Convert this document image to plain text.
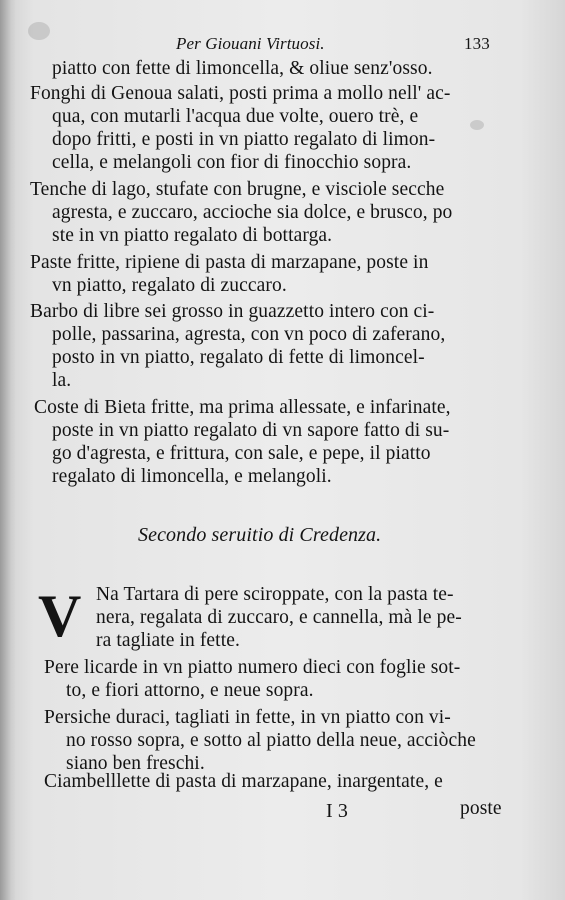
Per Giouani Virtuosi.	133
piatto con fette di limoncella, & oliue senz'osso.
Fonghi di Genoua salati, posti prima a mollo nell' ac-
qua, con mutarli l'acqua due volte, ouero trè, e
dopo fritti, e posti in vn piatto regalato di limon-
cella, e melangoli con fior di finocchio sopra.
Tenche di lago, stufate con brugne, e visciole secche
agresta, e zuccaro, accioche sia dolce, e brusco, po
ste in vn piatto regalato di bottarga.
Paste fritte, ripiene di pasta di marzapane, poste in
vn piatto, regalato di zuccaro.
Barbo di libre sei grosso in guazzetto intero con ci-
polle, passarina, agresta, con vn poco di zaferano,
posto in vn piatto, regalato di fette di limoncel-
la.
Coste di Bieta fritte, ma prima allessate, e infarinate,
poste in vn piatto regalato di vn sapore fatto di su-
go d'agresta, e frittura, con sale, e pepe, il piatto
regalato di limoncella, e melangoli.
Secondo seruitio di Credenza.
V Na Tartara di pere sciroppate, con la pasta te-
nera, regalata di zuccaro, e cannella, mà le pe-
ra tagliate in fette.
Pere licarde in vn piatto numero dieci con foglie sot-
to, e fiori attorno, e neue sopra.
Persiche duraci, tagliati in fette, in vn piatto con vi-
no rosso sopra, e sotto al piatto della neue, acciòche
siano ben freschi.
Ciambelllette di pasta di marzapane, inargentate, e
I 3	poste
